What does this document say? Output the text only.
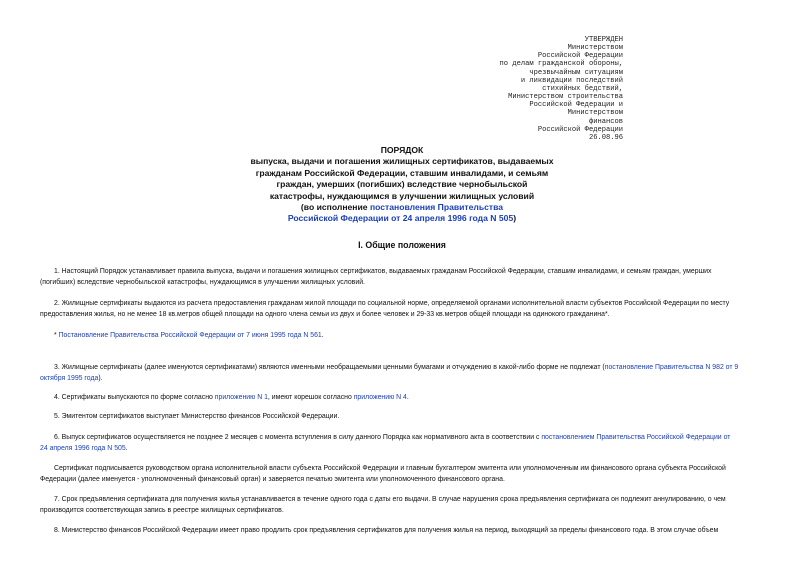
УТВЕРЖДЕН
Министерством
Российской Федерации
по делам гражданской обороны,
чрезвычайным ситуациям
и ликвидации последствий
стихийных бедствий,
Министерством строительства
Российской Федерации и
Министерством
финансов
Российской Федерации
26.08.96
ПОРЯДОК
выпуска, выдачи и погашения жилищных сертификатов, выдаваемых
гражданам Российской Федерации, ставшим инвалидами, и семьям
граждан, умерших (погибших) вследствие чернобыльской
катастрофы, нуждающимся в улучшении жилищных условий
(во исполнение постановления Правительства
Российской Федерации от 24 апреля 1996 года N 505)
I. Общие положения
1. Настоящий Порядок устанавливает правила выпуска, выдачи и погашения жилищных сертификатов, выдаваемых гражданам Российской Федерации, ставшим инвалидами, и семьям граждан, умерших
(погибших) вследствие чернобыльской катастрофы, нуждающимся в улучшении жилищных условий.
2. Жилищные сертификаты выдаются из расчета предоставления гражданам жилой площади по социальной норме, определяемой органами исполнительной власти субъектов Российской Федерации по месту
предоставления жилья, но не менее 18 кв.метров общей площади на одного члена семьи из двух и более человек и 29-33 кв.метров общей площади на одинокого гражданина*.
* Постановление Правительства Российской Федерации от 7 июня 1995 года N 561.
3. Жилищные сертификаты (далее именуются сертификатами) являются именными необращаемыми ценными бумагами и отчуждению в какой-либо форме не подлежат (постановление Правительства N 982 от 9
октября 1995 года).
4. Сертификаты выпускаются по форме согласно приложению N 1, имеют корешок согласно приложению N 4.
5. Эмитентом сертификатов выступает Министерство финансов Российской Федерации.
6. Выпуск сертификатов осуществляется не позднее 2 месяцев с момента вступления в силу данного Порядка как нормативного акта в соответствии с постановлением Правительства Российской Федерации от
24 апреля 1996 года N 505.
Сертификат подписывается руководством органа исполнительной власти субъекта Российской Федерации и главным бухгалтером эмитента или уполномоченным им финансового органа субъекта Российской
Федерации (далее именуется - уполномоченный финансовый орган) и заверяется печатью эмитента или уполномоченного финансового органа.
7. Срок предъявления сертификата для получения жилья устанавливается в течение одного года с даты его выдачи. В случае нарушения срока предъявления сертификата он подлежит аннулированию, о чем
производится соответствующая запись в реестре жилищных сертификатов.
8. Министерство финансов Российской Федерации имеет право продлить срок предъявления сертификатов для получения жилья на период, выходящий за пределы финансового года. В этом случае объем
